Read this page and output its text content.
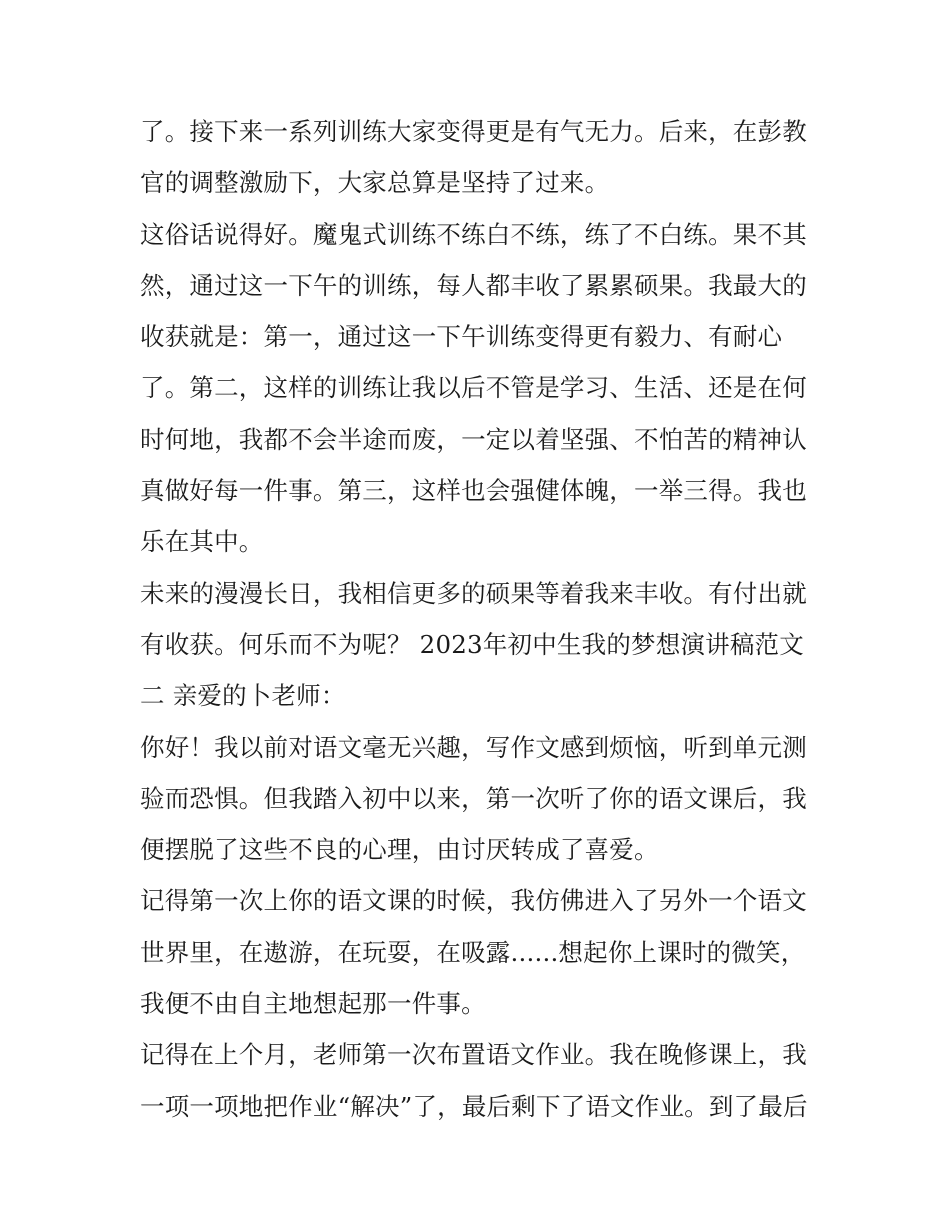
了。接下来一系列训练大家变得更是有气无力。后来，在彭教
官的调整激励下，大家总算是坚持了过来。
这俗话说得好。魔鬼式训练不练白不练，练了不白练。果不其
然，通过这一下午的训练，每人都丰收了累累硕果。我最大的
收获就是：第一，通过这一下午训练变得更有毅力、有耐心
了。第二，这样的训练让我以后不管是学习、生活、还是在何
时何地，我都不会半途而废，一定以着坚强、不怕苦的精神认
真做好每一件事。第三，这样也会强健体魄，一举三得。我也
乐在其中。
未来的漫漫长日，我相信更多的硕果等着我来丰收。有付出就
有收获。何乐而不为呢？ 2023年初中生我的梦想演讲稿范文
二 亲爱的卜老师：
你好！我以前对语文毫无兴趣，写作文感到烦恼，听到单元测
验而恐惧。但我踏入初中以来，第一次听了你的语文课后，我
便摆脱了这些不良的心理，由讨厌转成了喜爱。
记得第一次上你的语文课的时候，我仿佛进入了另外一个语文
世界里，在遨游，在玩耍，在吸露......想起你上课时的微笑，
我便不由自主地想起那一件事。
记得在上个月，老师第一次布置语文作业。我在晚修课上，我
一项一项地把作业“解决”了，最后剩下了语文作业。到了最后
